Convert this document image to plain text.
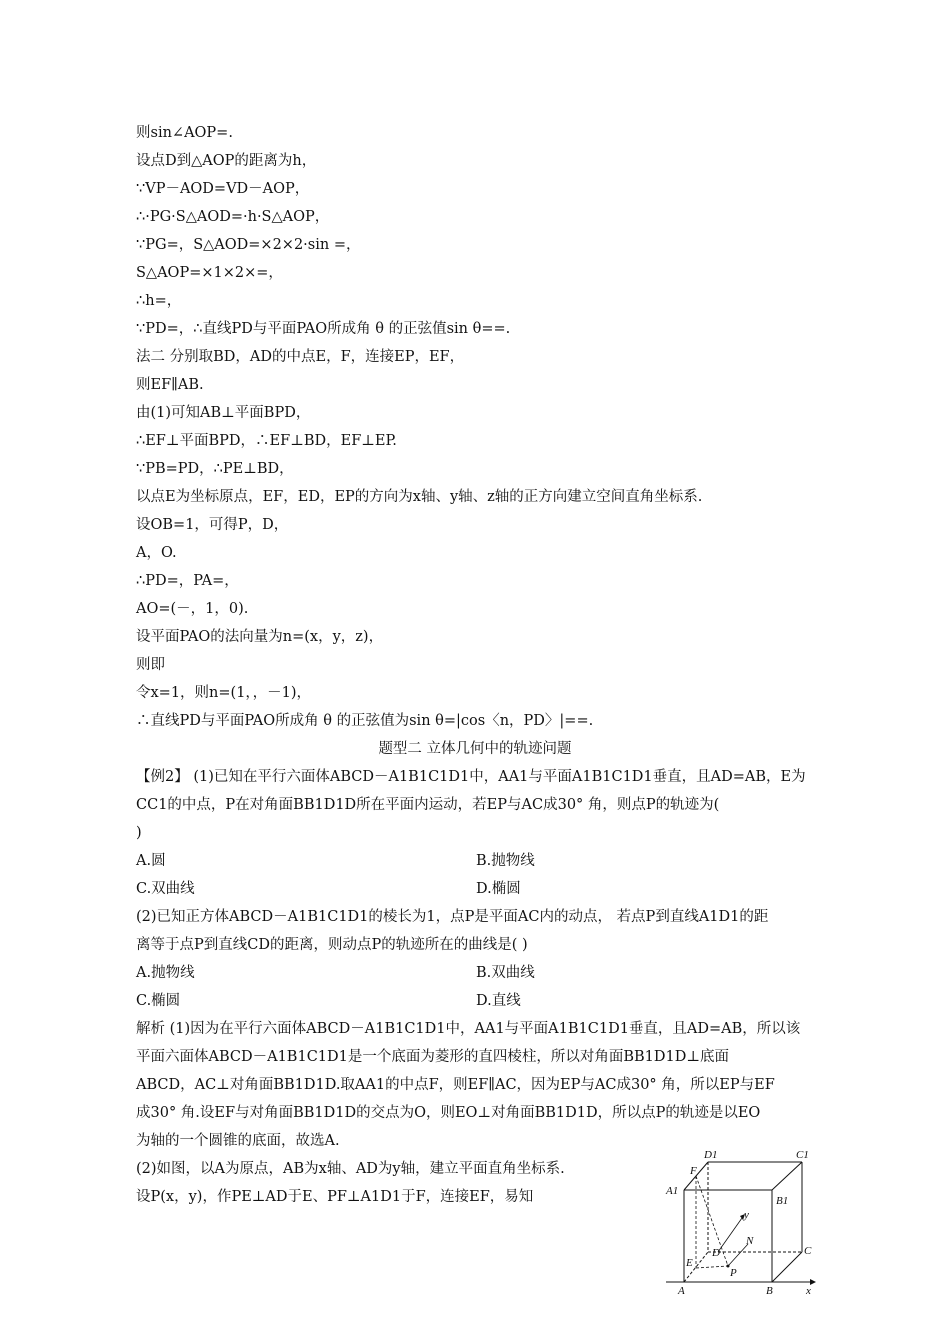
则sin∠AOP=.
设点D到△AOP的距离为h，
∵VP－AOD=VD－AOP，
∴·PG·S△AOD=·h·S△AOP，
∵PG=，S△AOD=×2×2·sin =，
S△AOP=×1×2×=，
∴h=，
∵PD=，∴直线PD与平面PAO所成角 θ 的正弦值sin θ==.
法二 分别取BD，AD的中点E，F，连接EP，EF，
则EF∥AB.
由(1)可知AB⊥平面BPD，
∴EF⊥平面BPD，∴EF⊥BD，EF⊥EP.
∵PB=PD，∴PE⊥BD，
以点E为坐标原点，EF，ED，EP的方向为x轴、y轴、z轴的正方向建立空间直角坐标系.
设OB=1，可得P，D，
A，O.
∴PD=，PA=，
AO=(－，1，0).
设平面PAO的法向量为n=(x，y，z)，
则即
令x=1，则n=(1，，－1)，
∴直线PD与平面PAO所成角 θ 的正弦值为sin θ=|cos〈n，PD〉|==.
题型二 立体几何中的轨迹问题
【例2】 (1)已知在平行六面体ABCD－A1B1C1D1中，AA1与平面A1B1C1D1垂直，且AD=AB，E为
CC1的中点，P在对角面BB1D1D所在平面内运动，若EP与AC成30° 角，则点P的轨迹为(
)
A.圆	B.抛物线
C.双曲线	D.椭圆
(2)已知正方体ABCD－A1B1C1D1的棱长为1，点P是平面AC内的动点， 若点P到直线A1D1的距
离等于点P到直线CD的距离，则动点P的轨迹所在的曲线是( )
A.抛物线	B.双曲线
C.椭圆	D.直线
解析 (1)因为在平行六面体ABCD－A1B1C1D1中，AA1与平面A1B1C1D1垂直，且AD=AB，所以该
平面六面体ABCD－A1B1C1D1是一个底面为菱形的直四棱柱，所以对角面BB1D1D⊥底面
ABCD，AC⊥对角面BB1D1D.取AA1的中点F，则EF∥AC，因为EP与AC成30° 角，所以EP与EF
成30° 角.设EF与对角面BB1D1D的交点为O，则EO⊥对角面BB1D1D，所以点P的轨迹是以EO
为轴的一个圆锥的底面，故选A.
(2)如图，以A为原点，AB为x轴、AD为y轴，建立平面直角坐标系.
设P(x，y)，作PE⊥AD于E、PF⊥A1D1于F，连接EF，易知
D1	C1
F
A1
B1
y
N
D	C
E
P
A	B	x
